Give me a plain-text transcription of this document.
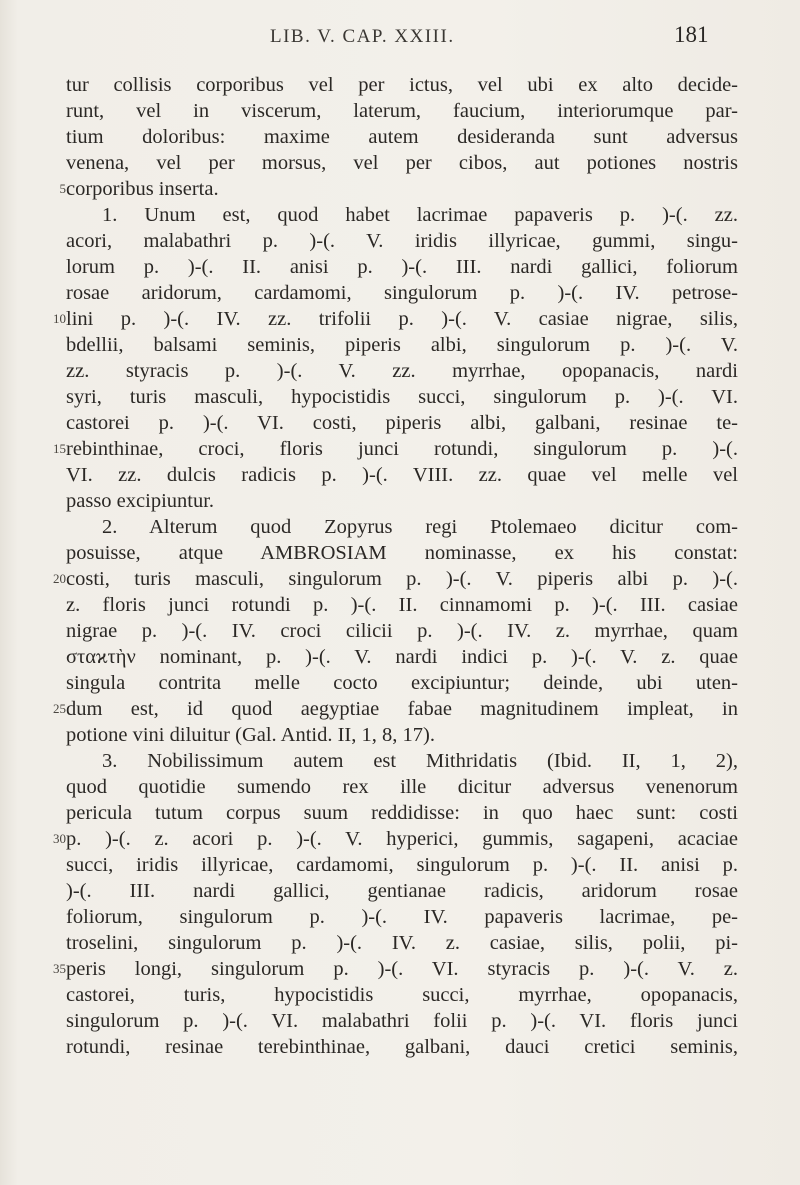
LIB. V. CAP. XXIII.	181
tur collisis corporibus vel per ictus, vel ubi ex alto decide-
runt, vel in viscerum, laterum, faucium, interiorumque par-
tium doloribus: maxime autem desideranda sunt adversus
venena, vel per morsus, vel per cibos, aut potiones nostris
corporibus inserta.
1. Unum est, quod habet lacrimae papaveris p. )-(. zz.
acori, malabathri p. )-(. V. iridis illyricae, gummi, singu-
lorum p. )-(. II. anisi p. )-(. III. nardi gallici, foliorum
rosae aridorum, cardamomi, singulorum p. )-(. IV. petrose-
lini p. )-(. IV. zz. trifolii p. )-(. V. casiae nigrae, silis,
bdellii, balsami seminis, piperis albi, singulorum p. )-(. V.
zz. styracis p. )-(. V. zz. myrrhae, opopanacis, nardi
syri, turis masculi, hypocistidis succi, singulorum p. )-(. VI.
castorei p. )-(. VI. costi, piperis albi, galbani, resinae te-
rebinthinae, croci, floris junci rotundi, singulorum p. )-(.
VI. zz. dulcis radicis p. )-(. VIII. zz. quae vel melle vel
passo excipiuntur.
2. Alterum quod Zopyrus regi Ptolemaeo dicitur com-
posuisse, atque AMBROSIAM nominasse, ex his constat:
costi, turis masculi, singulorum p. )-(. V. piperis albi p. )-(.
z. floris junci rotundi p. )-(. II. cinnamomi p. )-(. III. casiae
nigrae p. )-(. IV. croci cilicii p. )-(. IV. z. myrrhae, quam
σταϰτὴν nominant, p. )-(. V. nardi indici p. )-(. V. z. quae
singula contrita melle cocto excipiuntur; deinde, ubi uten-
dum est, id quod aegyptiae fabae magnitudinem impleat, in
potione vini diluitur (Gal. Antid. II, 1, 8, 17).
3. Nobilissimum autem est Mithridatis (Ibid. II, 1, 2),
quod quotidie sumendo rex ille dicitur adversus venenorum
pericula tutum corpus suum reddidisse: in quo haec sunt: costi
p. )-(. z. acori p. )-(. V. hyperici, gummis, sagapeni, acaciae
succi, iridis illyricae, cardamomi, singulorum p. )-(. II. anisi p.
)-(. III. nardi gallici, gentianae radicis, aridorum rosae
foliorum, singulorum p. )-(. IV. papaveris lacrimae, pe-
troselini, singulorum p. )-(. IV. z. casiae, silis, polii, pi-
peris longi, singulorum p. )-(. VI. styracis p. )-(. V. z.
castorei, turis, hypocistidis succi, myrrhae, opopanacis,
singulorum p. )-(. VI. malabathri folii p. )-(. VI. floris junci
rotundi, resinae terebinthinae, galbani, dauci cretici seminis,
5
10
15
20
25
30
35
